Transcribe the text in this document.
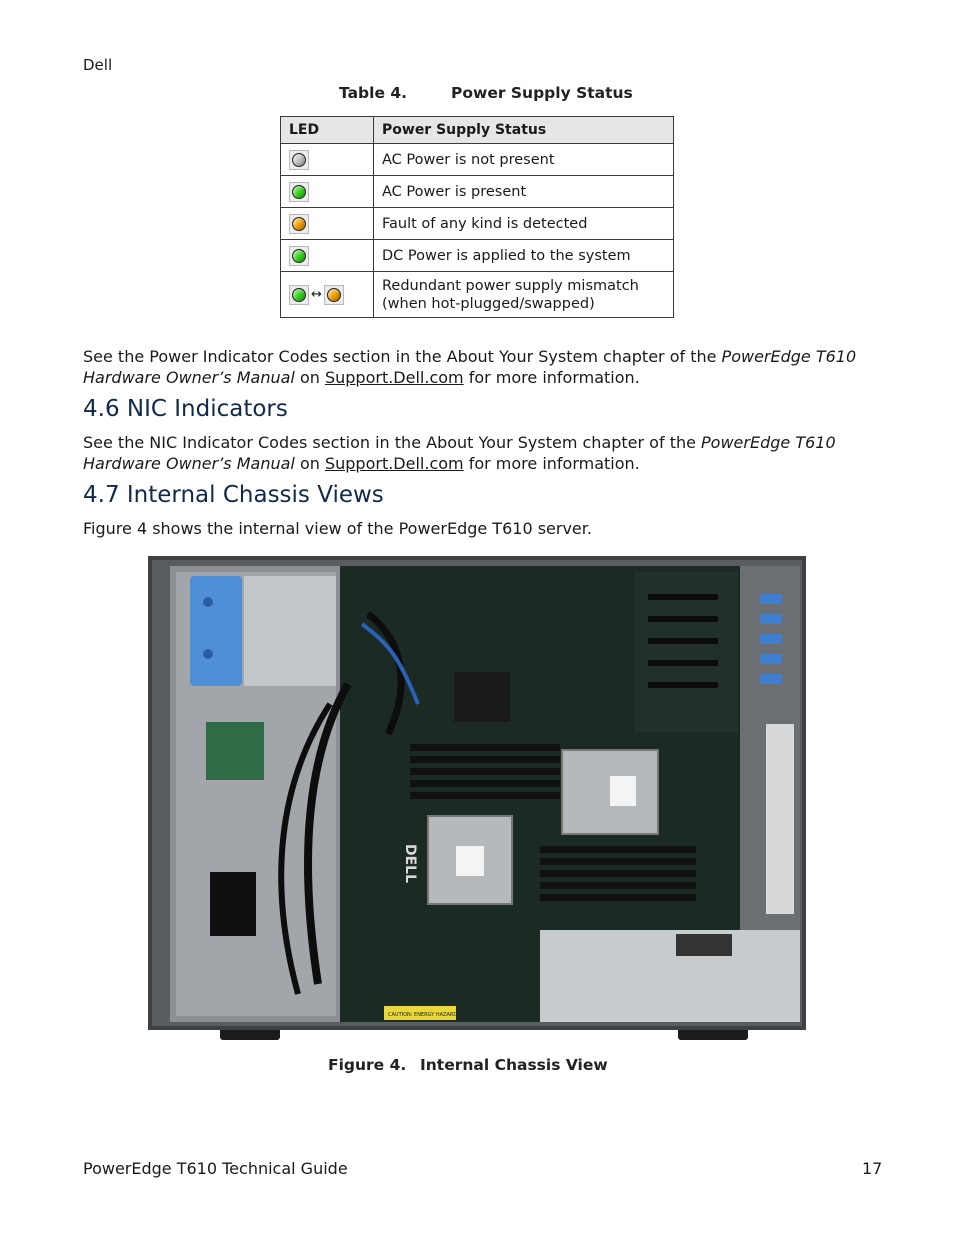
Dell
Table 4.	Power Supply Status
LED	Power Supply Status
	AC Power is not present
	AC Power is present
	Fault of any kind is detected
	DC Power is applied to the system
↔	Redundant power supply mismatch
(when hot-plugged/swapped)

See the Power Indicator Codes section in the About Your System chapter of the PowerEdge T610 Hardware Owner’s Manual on Support.Dell.com for more information.

4.6 NIC Indicators

See the NIC Indicator Codes section in the About Your System chapter of the PowerEdge T610 Hardware Owner’s Manual on Support.Dell.com for more information.

4.7 Internal Chassis Views

Figure 4 shows the internal view of the PowerEdge T610 server.

DELL
CAUTION: ENERGY HAZARD
Figure 4. Internal Chassis View
PowerEdge T610 Technical Guide	17
